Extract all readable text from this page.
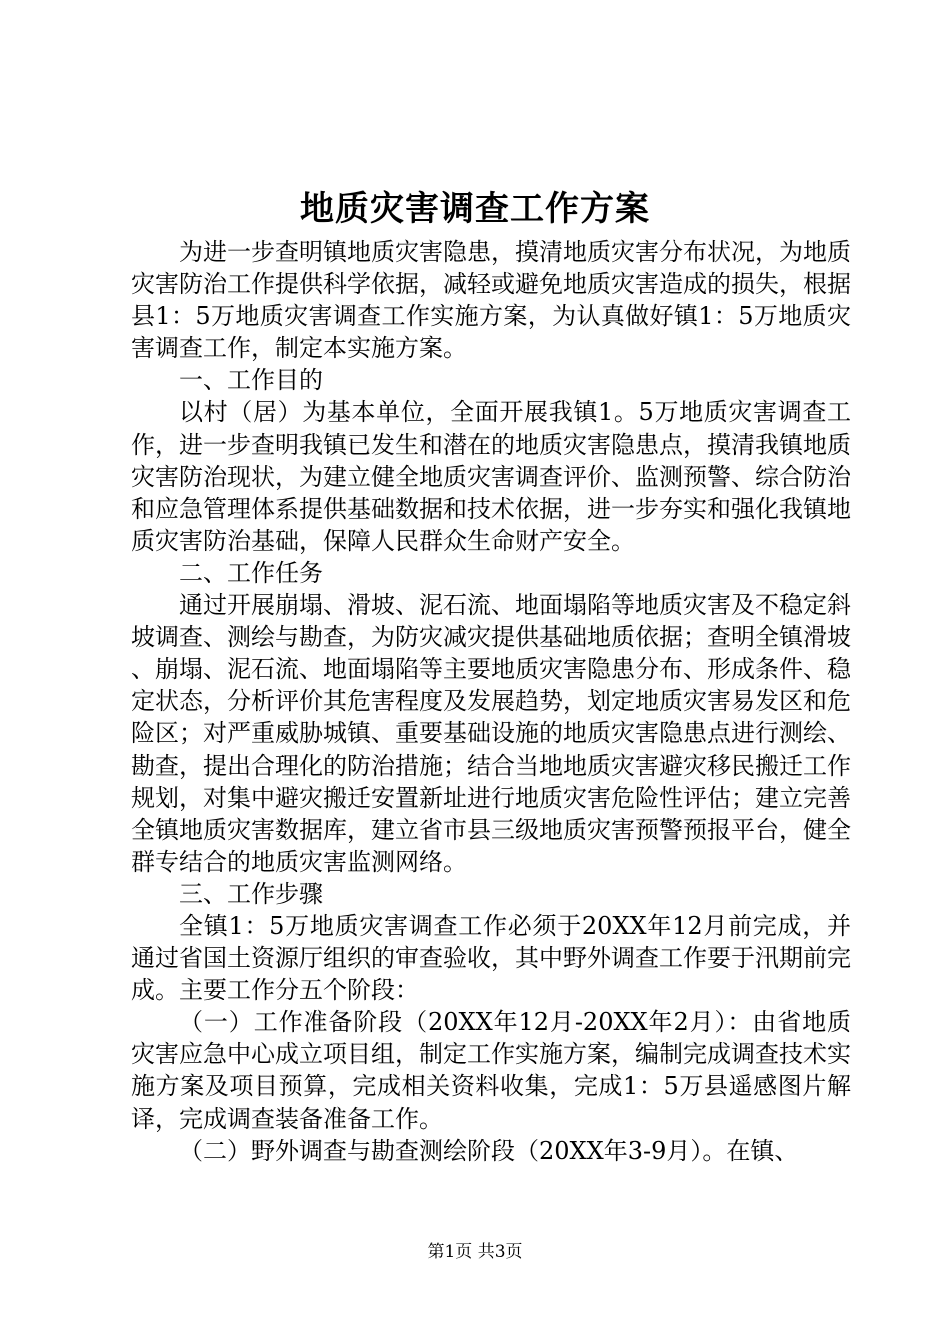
地质灾害调查工作方案

为进一步查明镇地质灾害隐患，摸清地质灾害分布状况，为地质灾害防治工作提供科学依据，减轻或避免地质灾害造成的损失，根据县1：5万地质灾害调查工作实施方案，为认真做好镇1：5万地质灾害调查工作，制定本实施方案。

一、工作目的

以村（居）为基本单位，全面开展我镇1。5万地质灾害调查工作，进一步查明我镇已发生和潜在的地质灾害隐患点，摸清我镇地质灾害防治现状，为建立健全地质灾害调查评价、监测预警、综合防治和应急管理体系提供基础数据和技术依据，进一步夯实和强化我镇地质灾害防治基础，保障人民群众生命财产安全。

二、工作任务

通过开展崩塌、滑坡、泥石流、地面塌陷等地质灾害及不稳定斜坡调查、测绘与勘查，为防灾减灾提供基础地质依据；查明全镇滑坡、崩塌、泥石流、地面塌陷等主要地质灾害隐患分布、形成条件、稳定状态，分析评价其危害程度及发展趋势，划定地质灾害易发区和危险区；对严重威胁城镇、重要基础设施的地质灾害隐患点进行测绘、勘查，提出合理化的防治措施；结合当地地质灾害避灾移民搬迁工作规划，对集中避灾搬迁安置新址进行地质灾害危险性评估；建立完善全镇地质灾害数据库，建立省市县三级地质灾害预警预报平台，健全群专结合的地质灾害监测网络。

三、工作步骤

全镇1：5万地质灾害调查工作必须于20XX年12月前完成，并通过省国土资源厅组织的审查验收，其中野外调查工作要于汛期前完成。主要工作分五个阶段：

（一）工作准备阶段（20XX年12月-20XX年2月）：由省地质灾害应急中心成立项目组，制定工作实施方案，编制完成调查技术实施方案及项目预算，完成相关资料收集，完成1：5万县遥感图片解译，完成调查装备准备工作。

（二）野外调查与勘查测绘阶段（20XX年3-9月）。在镇、

第1页 共3页
